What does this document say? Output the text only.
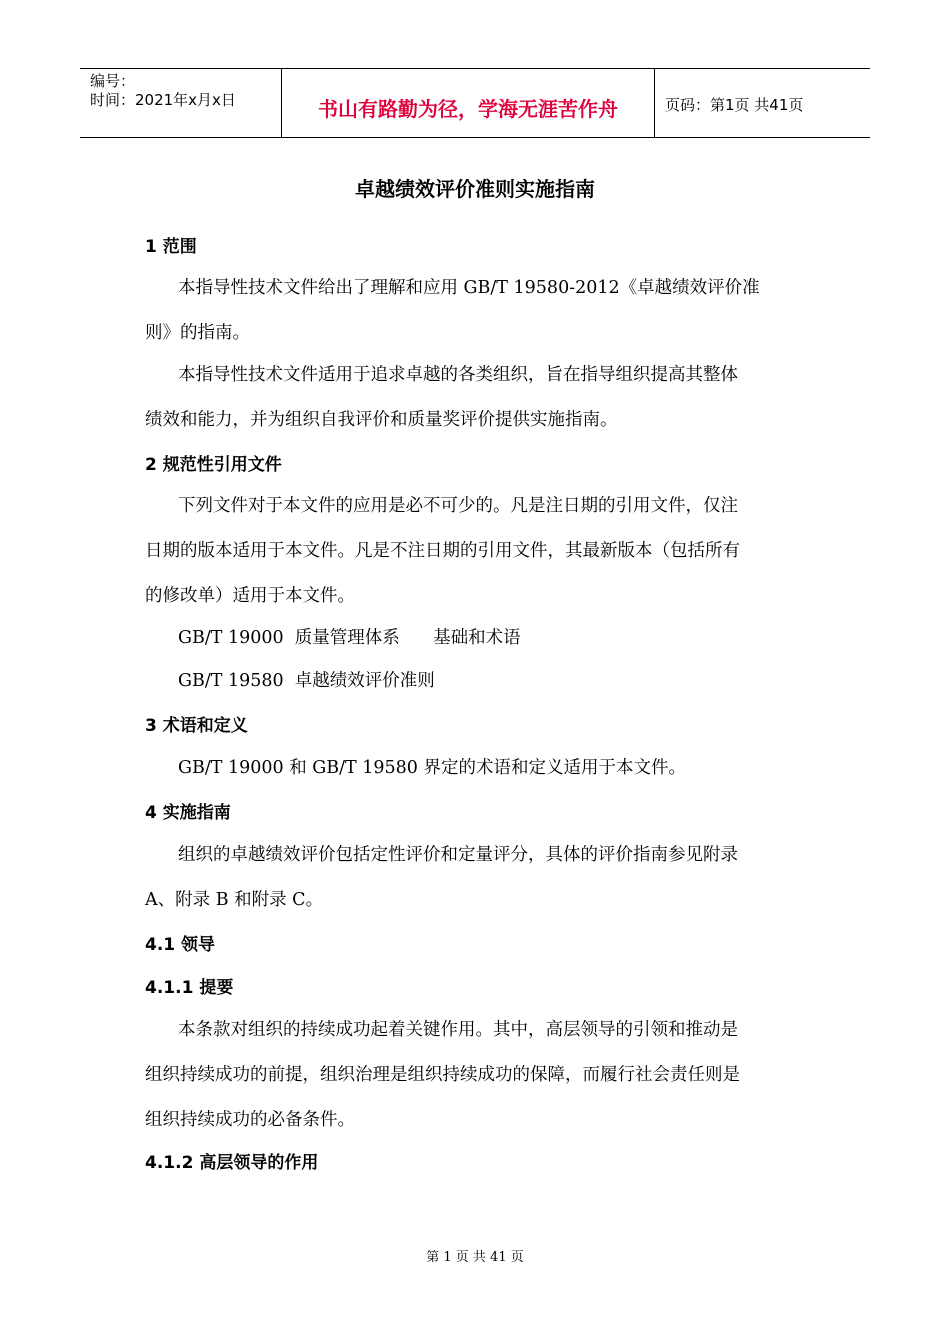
编号：
时间：2021年x月x日	书山有路勤为径，学海无涯苦作舟	页码：第1页 共41页
卓越绩效评价准则实施指南
1 范围
本指导性技术文件给出了理解和应用 GB/T 19580-2012《卓越绩效评价准
则》的指南。
本指导性技术文件适用于追求卓越的各类组织，旨在指导组织提高其整体
绩效和能力，并为组织自我评价和质量奖评价提供实施指南。
2 规范性引用文件
下列文件对于本文件的应用是必不可少的。凡是注日期的引用文件，仅注
日期的版本适用于本文件。凡是不注日期的引用文件，其最新版本（包括所有
的修改单）适用于本文件。
GB/T 19000  质量管理体系      基础和术语
GB/T 19580  卓越绩效评价准则
3 术语和定义
GB/T 19000 和 GB/T 19580 界定的术语和定义适用于本文件。
4 实施指南
组织的卓越绩效评价包括定性评价和定量评分，具体的评价指南参见附录
A、附录 B 和附录 C。
4.1 领导
4.1.1 提要
本条款对组织的持续成功起着关键作用。其中，高层领导的引领和推动是
组织持续成功的前提，组织治理是组织持续成功的保障，而履行社会责任则是
组织持续成功的必备条件。
4.1.2 高层领导的作用
第 1 页 共 41 页
